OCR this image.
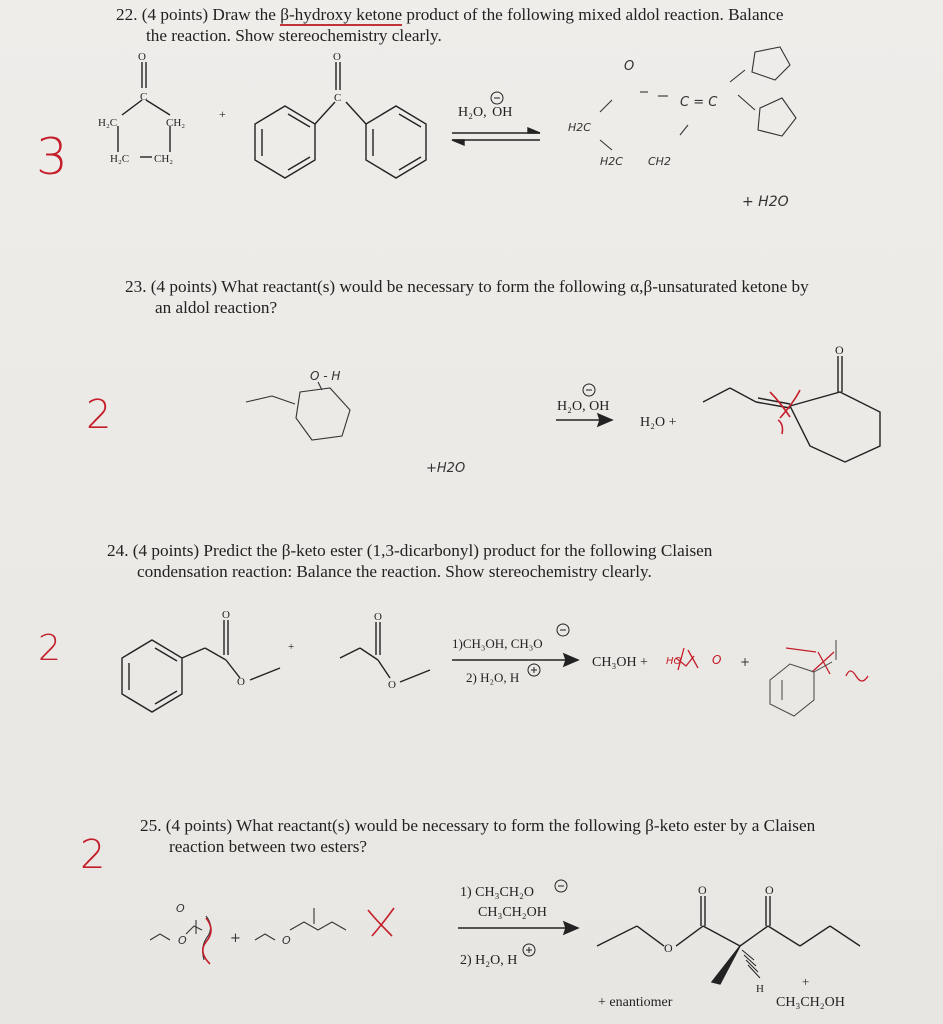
22. (4 points) Draw the β-hydroxy ketone product of the following mixed aldol reaction. Balance
the reaction. Show stereochemistry clearly.
23. (4 points) What reactant(s) would be necessary to form the following α,β-unsaturated ketone by
an aldol reaction?
24. (4 points) Predict the β-keto ester (1,3-dicarbonyl) product for the following Claisen
condensation reaction: Balance the reaction. Show stereochemistry clearly.
25. (4 points) What reactant(s) would be necessary to form the following β-keto ester by a Claisen
reaction between two esters?
3
2
2
2
O
C
H₂C	CH₂
H₂C CH₂
+
O
C
H₂O, OH
H2C
H2C CH2
C = C
O
+ H2O
O - H
+H2O
H₂O, OH
H₂O +
O
O
O
+
O
O
1)CH₃OH, CH₃O
2) H₂O, H
CH₃OH + HO	O +
O	O
O
+
1) CH₃CH₂O
CH₃CH₂OH
2) H₂O, H
O	O
O
H	+
+ enantiomer	CH₃CH₂OH
